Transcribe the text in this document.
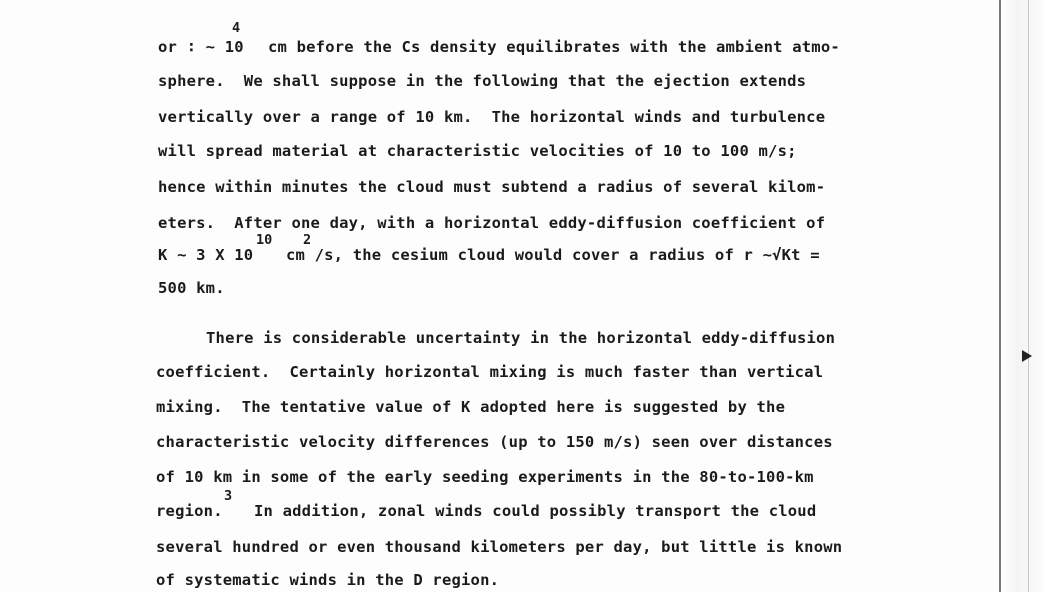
or ∶ ~ 10
4
cm before the Cs density equilibrates with the ambient atmo-
sphere.  We shall suppose in the following that the ejection extends
vertically over a range of 10 km.  The horizontal winds and turbulence
will spread material at characteristic velocities of 10 to 100 m/s;
hence within minutes the cloud must subtend a radius of several kilom-
eters.  After one day, with a horizontal eddy-diffusion coefficient of
K ~ 3 X 10
10 2
cm /s, the cesium cloud would cover a radius of r ~√Kt =
500 km.
There is considerable uncertainty in the horizontal eddy-diffusion
coefficient.  Certainly horizontal mixing is much faster than vertical
mixing.  The tentative value of K adopted here is suggested by the
characteristic velocity differences (up to 150 m/s) seen over distances
of 10 km in some of the early seeding experiments in the 80-to-100-km
region.
3
In addition, zonal winds could possibly transport the cloud
several hundred or even thousand kilometers per day, but little is known
of systematic winds in the D region.
